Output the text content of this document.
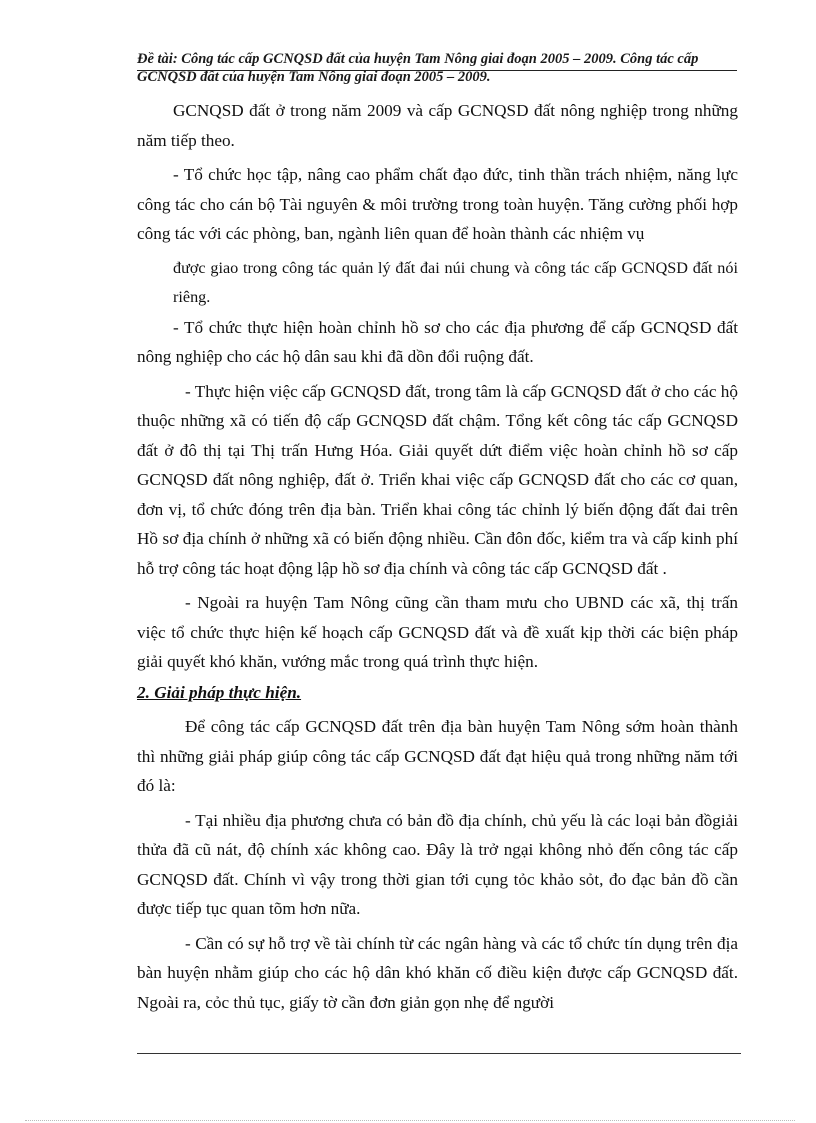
Đề tài: Công tác cấp GCNQSD đất của huyện Tam Nông giai đoạn 2005 – 2009. Công tác cấp GCNQSD đất của huyện Tam Nông giai đoạn 2005 – 2009.

GCNQSD đất ở trong năm 2009 và cấp GCNQSD đất nông nghiệp trong những năm tiếp theo.

- Tổ chức học tập, nâng cao phẩm chất đạo đức, tinh thần trách nhiệm, năng lực công tác cho cán bộ Tài nguyên & môi trường trong toàn huyện. Tăng cường phối hợp công tác với các phòng, ban, ngành liên quan để hoàn thành các nhiệm vụ

được giao trong công tác quản lý đất đai núi chung và công tác cấp GCNQSD đất nói riêng.

- Tổ chức thực hiện hoàn chỉnh hồ sơ cho các địa phương để cấp GCNQSD đất nông nghiệp cho các hộ dân sau khi đã dồn đổi ruộng đất.

- Thực hiện việc cấp GCNQSD đất, trong tâm là cấp GCNQSD đất ở cho các hộ thuộc những xã có tiến độ cấp GCNQSD đất chậm. Tổng kết công tác cấp GCNQSD đất ở đô thị tại Thị trấn Hưng Hóa. Giải quyết dứt điểm việc hoàn chỉnh hồ sơ cấp GCNQSD đất nông nghiệp, đất ở. Triển khai việc cấp GCNQSD đất cho các cơ quan, đơn vị, tổ chức đóng trên địa bàn. Triển khai công tác chỉnh lý biến động đất đai trên Hồ sơ địa chính ở những xã có biến động nhiều. Cần đôn đốc, kiểm tra và cấp kinh phí hỗ trợ công tác hoạt động lập hồ sơ địa chính và công tác cấp GCNQSD đất .

- Ngoài ra huyện Tam Nông cũng cần tham mưu cho UBND các xã, thị trấn việc tổ chức thực hiện kế hoạch cấp GCNQSD đất và đề xuất kịp thời các biện pháp giải quyết khó khăn, vướng mắc trong quá trình thực hiện.

2. Giải pháp thực hiện.

Để công tác cấp GCNQSD đất trên địa bàn huyện Tam Nông sớm hoàn thành thì những giải pháp giúp công tác cấp GCNQSD đất đạt hiệu quả trong những năm tới đó là:

- Tại nhiều địa phương chưa có bản đồ địa chính, chủ yếu là các loại bản đồgiải thửa đã cũ nát, độ chính xác không cao. Đây là trở ngại không nhỏ đến công tác cấp GCNQSD đất. Chính vì vậy trong thời gian tới cụng tỏc khảo sỏt, đo đạc bản đồ cần được tiếp tục quan tõm hơn nữa.

- Cần có sự hỗ trợ về tài chính từ các ngân hàng và các tổ chức tín dụng trên địa bàn huyện nhằm giúp cho các hộ dân khó khăn cố điều kiện được cấp GCNQSD đất. Ngoài ra, cỏc thủ tục, giấy tờ cần đơn giản gọn nhẹ để người
